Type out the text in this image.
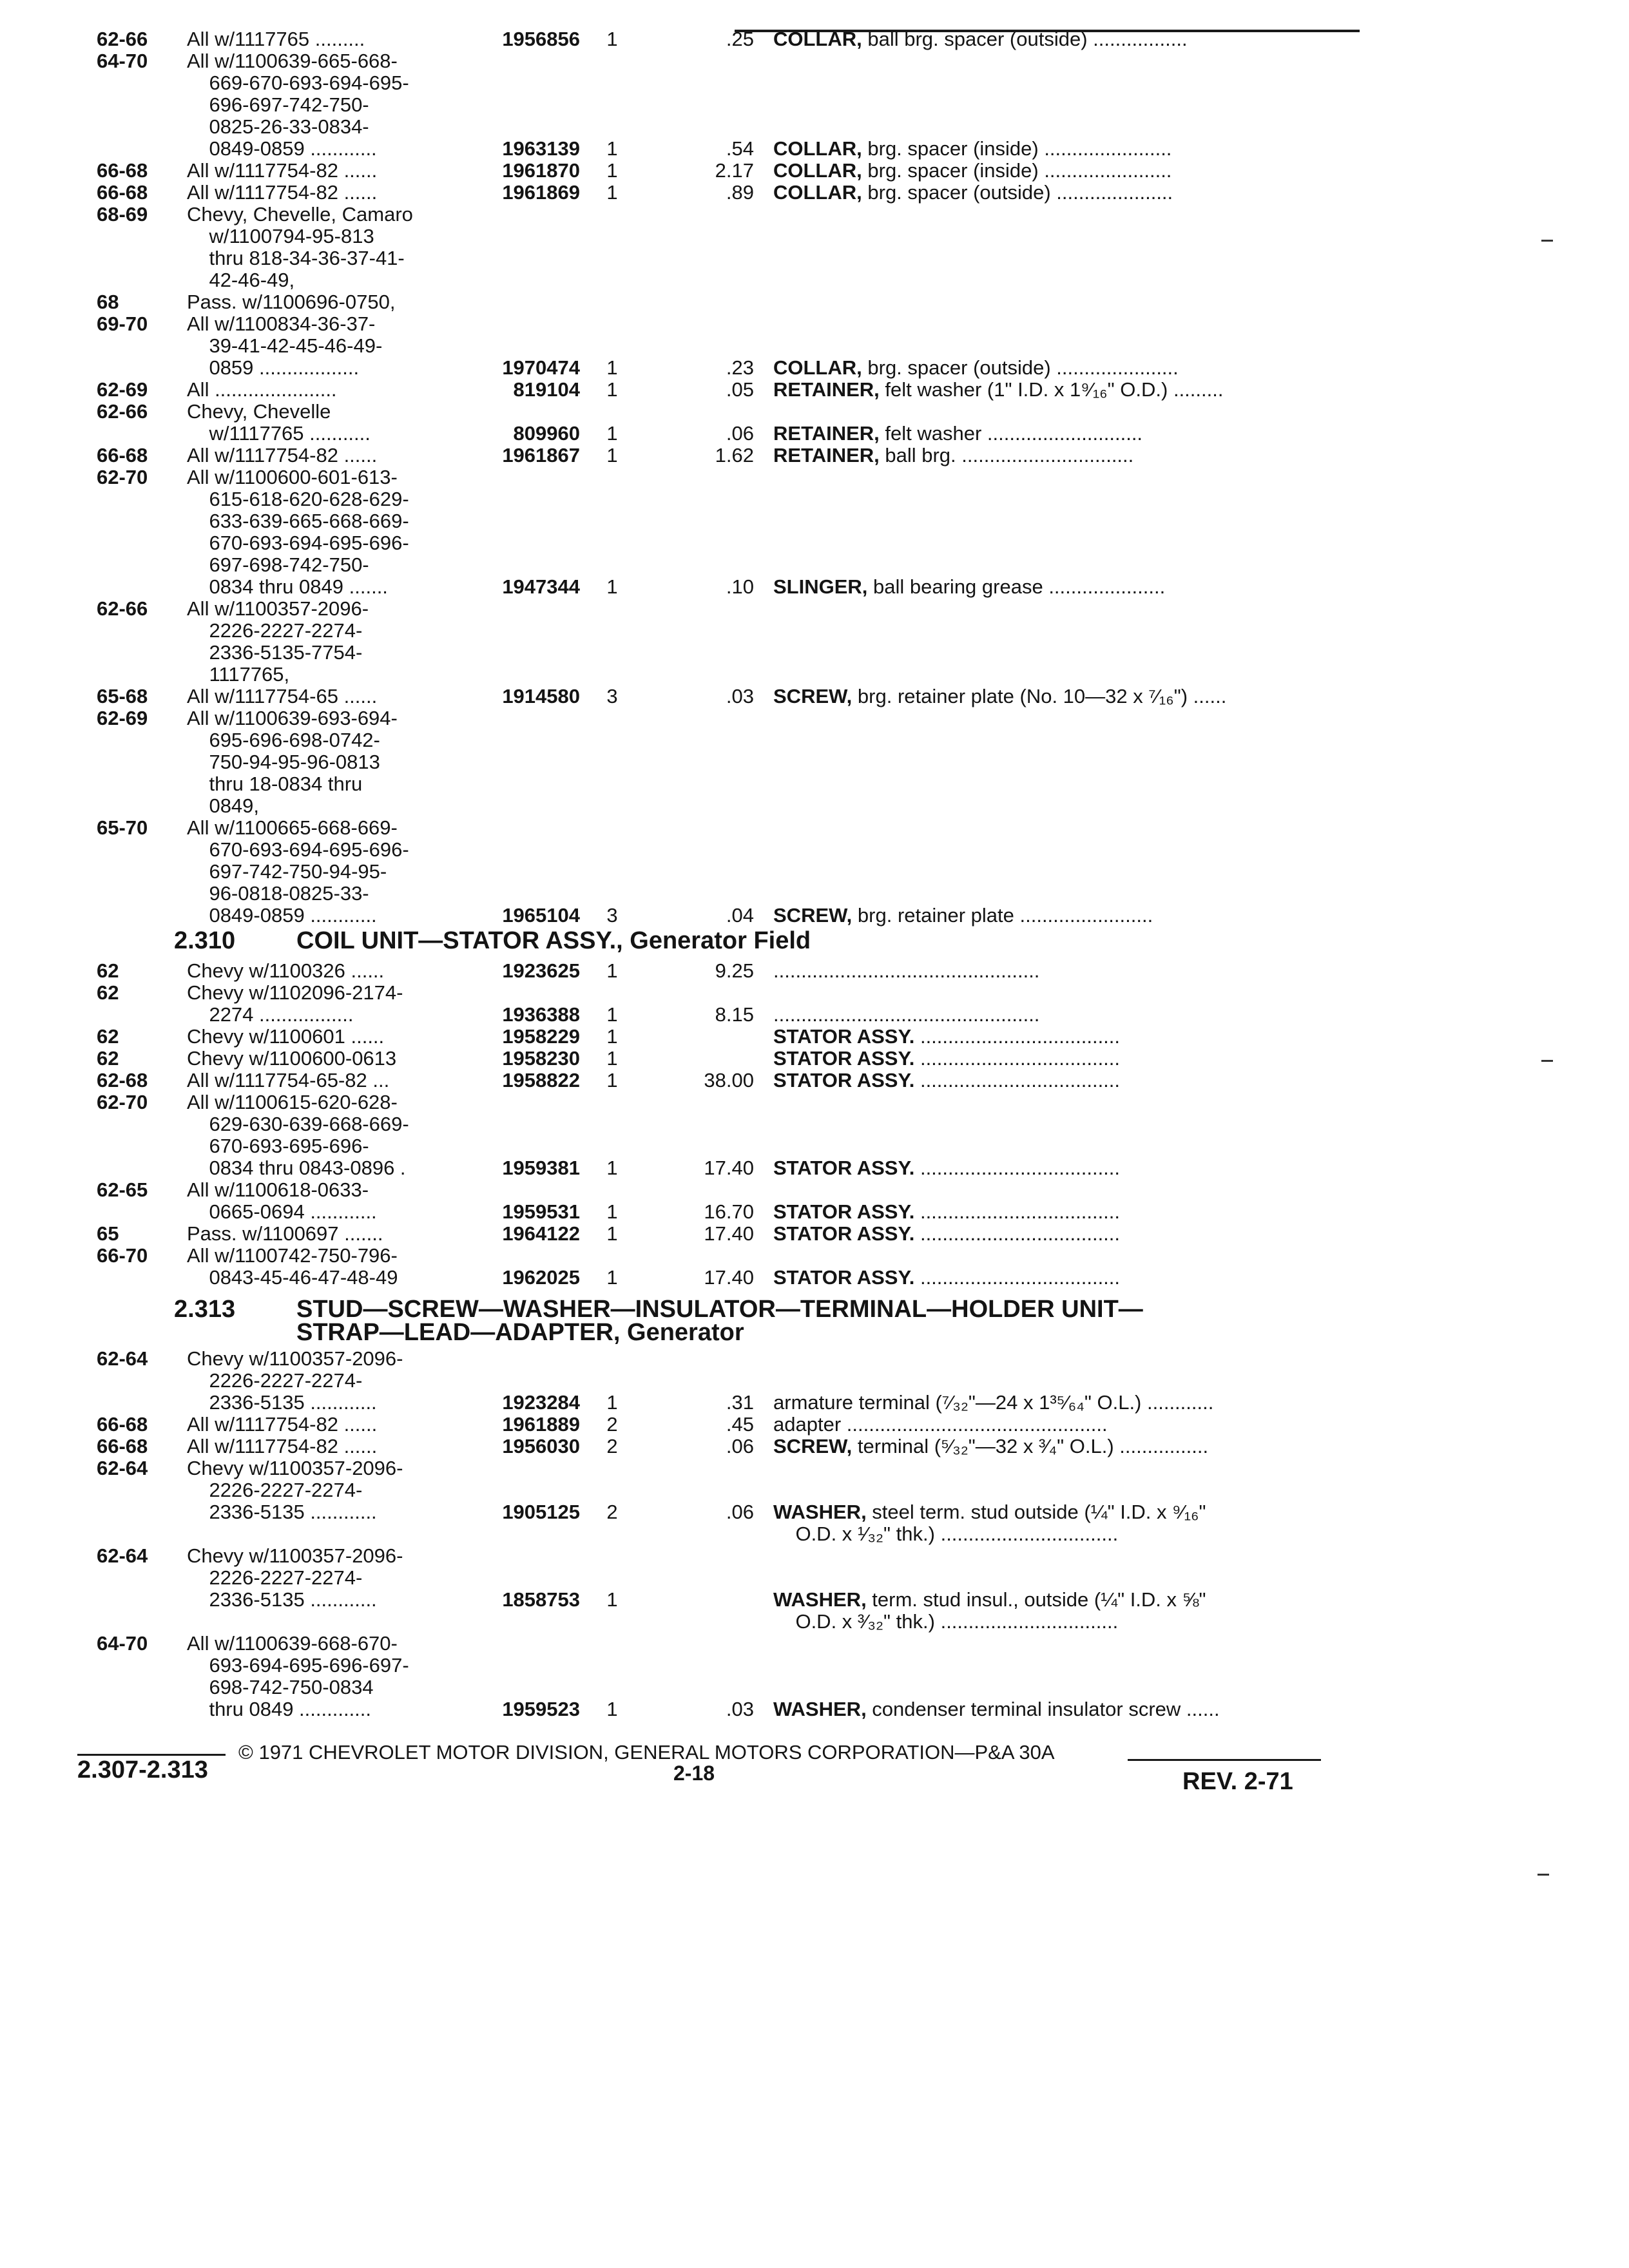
62-66	All w/1117765 .........	1956856	1	.25 COLLAR, ball brg. spacer (outside) .................
64-70	All w/1100639-665-668-
669-670-693-694-695-
696-697-742-750-
0825-26-33-0834-
0849-0859 ............	1963139	1	.54 COLLAR, brg. spacer (inside) .......................
66-68	All w/1117754-82 ......	1961870	1	2.17 COLLAR, brg. spacer (inside) .......................
66-68	All w/1117754-82 ......	1961869	1	.89 COLLAR, brg. spacer (outside) .....................
68-69	Chevy, Chevelle, Camaro
w/1100794-95-813
thru 818-34-36-37-41-
42-46-49,
68	Pass. w/1100696-0750,
69-70	All w/1100834-36-37-
39-41-42-45-46-49-
0859 ..................	1970474	1	.23 COLLAR, brg. spacer (outside) ......................
62-69	All ......................	819104	1	.05 RETAINER, felt washer (1" I.D. x 1⁹⁄₁₆" O.D.) .........
62-66	Chevy, Chevelle
w/1117765 ...........	809960	1	.06 RETAINER, felt washer ............................
66-68	All w/1117754-82 ......	1961867	1	1.62 RETAINER, ball brg. ...............................
62-70	All w/1100600-601-613-
615-618-620-628-629-
633-639-665-668-669-
670-693-694-695-696-
697-698-742-750-
0834 thru 0849 .......	1947344	1	.10 SLINGER, ball bearing grease .....................
62-66	All w/1100357-2096-
2226-2227-2274-
2336-5135-7754-
1117765,
65-68	All w/1117754-65 ......	1914580	3	.03 SCREW, brg. retainer plate (No. 10—32 x ⁷⁄₁₆") ......
62-69	All w/1100639-693-694-
695-696-698-0742-
750-94-95-96-0813
thru 18-0834 thru
0849,
65-70	All w/1100665-668-669-
670-693-694-695-696-
697-742-750-94-95-
96-0818-0825-33-
0849-0859 ............	1965104	3	.04 SCREW, brg. retainer plate ........................
2.310 COIL UNIT—STATOR ASSY., Generator Field
62	Chevy w/1100326 ......	1923625	1	9.25 ................................................
62	Chevy w/1102096-2174-
2274 .................	1936388	1	8.15 ................................................
62	Chevy w/1100601 ......	1958229	1	STATOR ASSY. ....................................
62	Chevy w/1100600-0613	1958230	1	STATOR ASSY. ....................................
62-68	All w/1117754-65-82 ...	1958822	1	38.00 STATOR ASSY. ....................................
62-70	All w/1100615-620-628-
629-630-639-668-669-
670-693-695-696-
0834 thru 0843-0896 .	1959381	1	17.40 STATOR ASSY. ....................................
62-65	All w/1100618-0633-
0665-0694 ............	1959531	1	16.70 STATOR ASSY. ....................................
65	Pass. w/1100697 .......	1964122	1	17.40 STATOR ASSY. ....................................
66-70	All w/1100742-750-796-
0843-45-46-47-48-49	1962025	1	17.40 STATOR ASSY. ....................................
2.313 STUD—SCREW—WASHER—INSULATOR—TERMINAL—HOLDER UNIT—
STRAP—LEAD—ADAPTER, Generator
62-64	Chevy w/1100357-2096-
2226-2227-2274-
2336-5135 ............	1923284	1	.31 armature terminal (⁷⁄₃₂"—24 x 1³⁵⁄₆₄" O.L.) ............
66-68	All w/1117754-82 ......	1961889	2	.45 adapter ...............................................
66-68	All w/1117754-82 ......	1956030	2	.06 SCREW, terminal (⁵⁄₃₂"—32 x ³⁄₄" O.L.) ................
62-64	Chevy w/1100357-2096-
2226-2227-2274-
2336-5135 ............	1905125	2	.06 WASHER, steel term. stud outside (¼" I.D. x ⁹⁄₁₆"
O.D. x ¹⁄₃₂" thk.) ................................
62-64	Chevy w/1100357-2096-
2226-2227-2274-
2336-5135 ............	1858753	1	WASHER, term. stud insul., outside (¼" I.D. x ⅝"
O.D. x ³⁄₃₂" thk.) ................................
64-70	All w/1100639-668-670-
693-694-695-696-697-
698-742-750-0834
thru 0849 .............	1959523	1	.03 WASHER, condenser terminal insulator screw ......
© 1971 CHEVROLET MOTOR DIVISION, GENERAL MOTORS CORPORATION—P&A 30A
2.307-2.313	2-18	REV. 2-71
